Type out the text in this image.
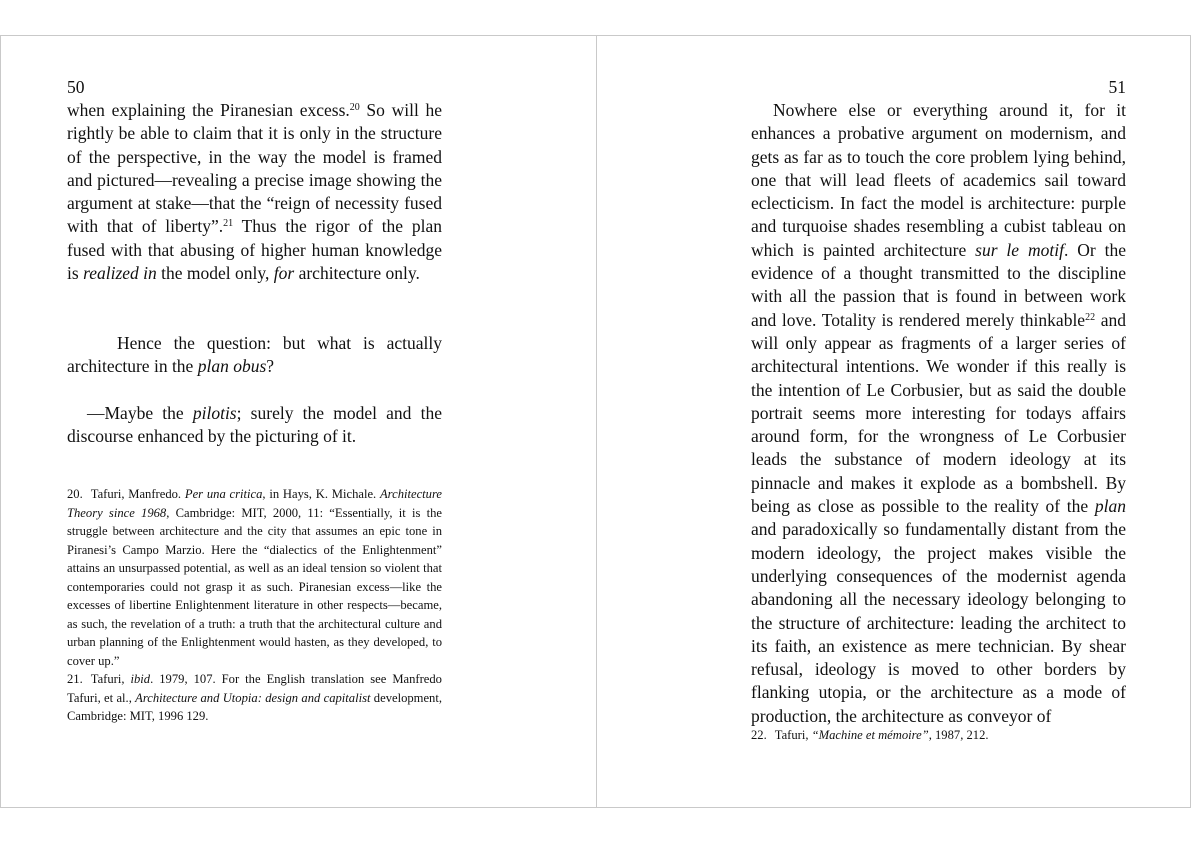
50

when explaining the Piranesian excess.$^{20}$ So will he rightly be able to claim that it is only in the structure of the perspective, in the way the model is framed and pictured—revealing a precise image showing the argument at stake—that the “reign of necessity fused with that of liberty”.$^{21}$ Thus the rigor of the plan fused with that abusing of higher human knowledge is realized in the model only, for architecture only.

Hence the question: but what is actually architecture in the plan obus?

—Maybe the pilotis; surely the model and the discourse enhanced by the picturing of it.

20. Tafuri, Manfredo. Per una critica, in Hays, K. Michale. Architecture Theory since 1968, Cambridge: MIT, 2000, 11: “Essentially, it is the struggle between architecture and the city that assumes an epic tone in Piranesi’s Campo Marzio. Here the “dialectics of the Enlightenment” attains an unsurpassed potential, as well as an ideal tension so violent that contemporaries could not grasp it as such. Piranesian excess—like the excesses of libertine Enlightenment literature in other respects—became, as such, the revelation of a truth: a truth that the architectural culture and urban planning of the Enlightenment would hasten, as they developed, to cover up.”

21. Tafuri, ibid. 1979, 107. For the English translation see Manfredo Tafuri, et al., Architecture and Utopia: design and capitalist development, Cambridge: MIT, 1996 129.

51

Nowhere else or everything around it, for it enhances a probative argument on modernism, and gets as far as to touch the core problem lying behind, one that will lead fleets of academics sail toward eclecticism. In fact the model is architecture: purple and turquoise shades resembling a cubist tableau on which is painted architecture sur le motif. Or the evidence of a thought transmitted to the discipline with all the passion that is found in between work and love. Totality is rendered merely thinkable$^{22}$ and will only appear as fragments of a larger series of architectural intentions. We wonder if this really is the intention of Le Corbusier, but as said the double portrait seems more interesting for todays affairs around form, for the wrongness of Le Corbusier leads the substance of modern ideology at its pinnacle and makes it explode as a bombshell. By being as close as possible to the reality of the plan and paradoxically so fundamentally distant from the modern ideology, the project makes visible the underlying consequences of the modernist agenda abandoning all the necessary ideology belonging to the structure of architecture: leading the architect to its faith, an existence as mere technician. By shear refusal, ideology is moved to other borders by flanking utopia, or the architecture as a mode of production, the architecture as conveyor of

22. Tafuri, “Machine et mémoire”, 1987, 212.
